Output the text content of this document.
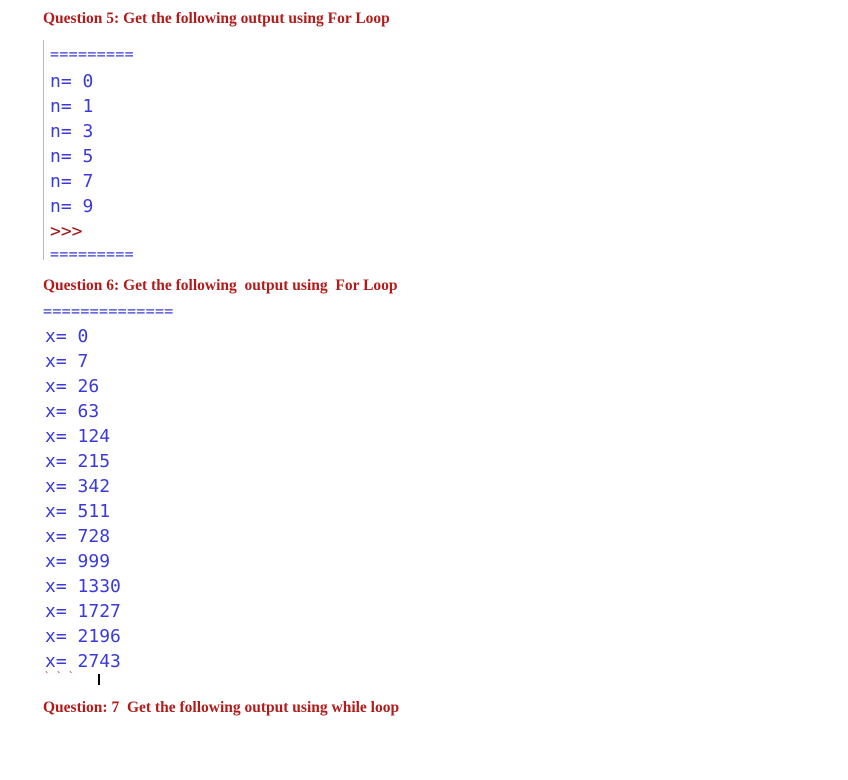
Question 5: Get the following output using For Loop

=========
n= 0
n= 1
n= 3
n= 5
n= 7
n= 9
>>>
=========

Question 6: Get the following  output using  For Loop

==============
x= 0
x= 7
x= 26
x= 63
x= 124
x= 215
x= 342
x= 511
x= 728
x= 999
x= 1330
x= 1727
x= 2196
x= 2743
` ` `

Question: 7  Get the following output using while loop
